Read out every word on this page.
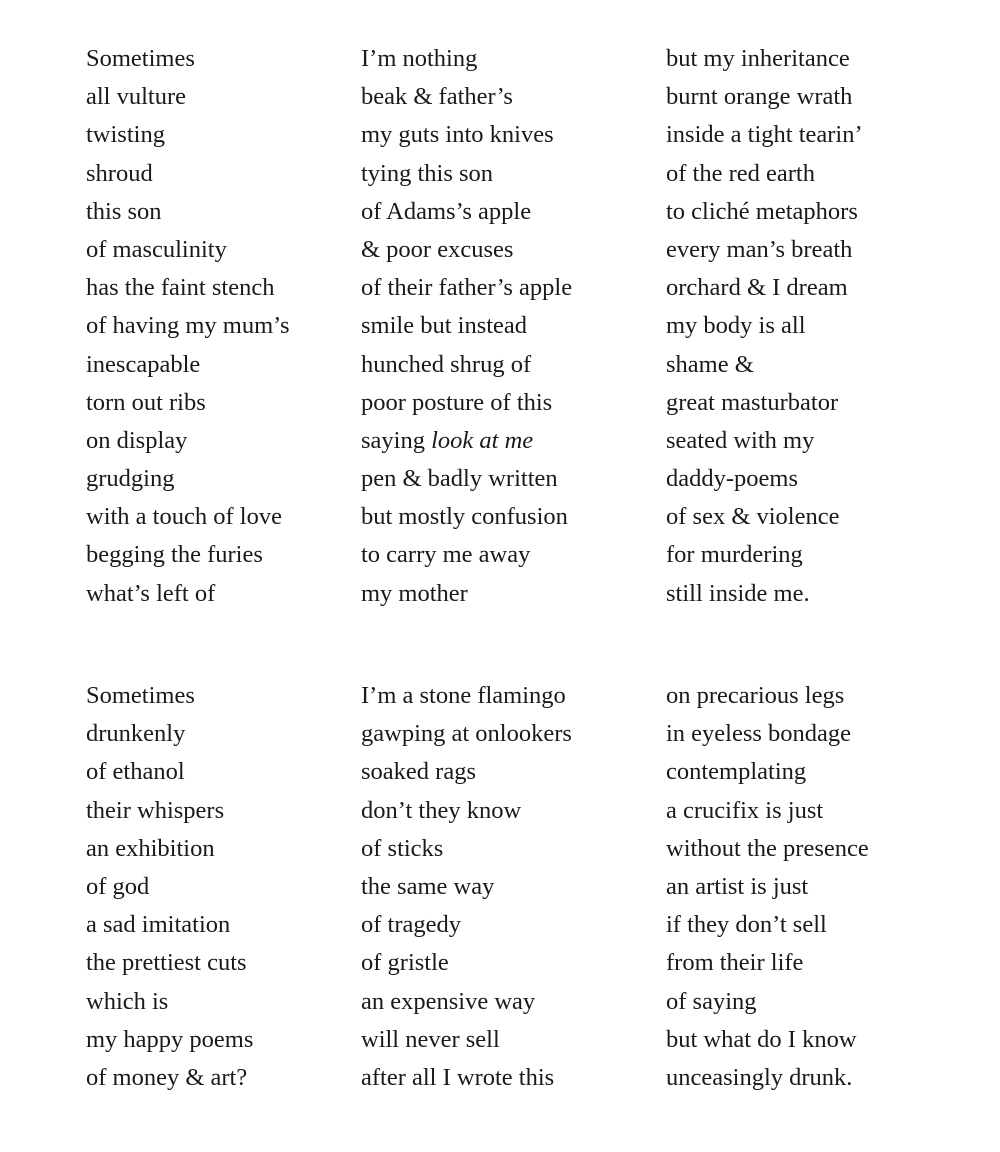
Sometimes
all vulture
twisting
shroud
this son
of masculinity
has the faint stench
of having my mum’s
inescapable
torn out ribs
on display
grudging
with a touch of love
begging the furies
what’s left of
I’m nothing
beak & father’s
my guts into knives
tying this son
of Adams’s apple
& poor excuses
of their father’s apple
smile but instead
hunched shrug of
poor posture of this
saying look at me
pen & badly written
but mostly confusion
to carry me away
my mother
but my inheritance
burnt orange wrath
inside a tight tearin’
of the red earth
to cliché metaphors
every man’s breath
orchard & I dream
my body is all
shame &
great masturbator
seated with my
daddy-poems
of sex & violence
for murdering
still inside me.
Sometimes
drunkenly
of ethanol
their whispers
an exhibition
of god
a sad imitation
the prettiest cuts
which is
my happy poems
of money & art?
I’m a stone flamingo
gawping at onlookers
soaked rags
don’t they know
of sticks
the same way
of tragedy
of gristle
an expensive way
will never sell
after all I wrote this
on precarious legs
in eyeless bondage
contemplating
a crucifix is just
without the presence
an artist is just
if they don’t sell
from their life
of saying
but what do I know
unceasingly drunk.
